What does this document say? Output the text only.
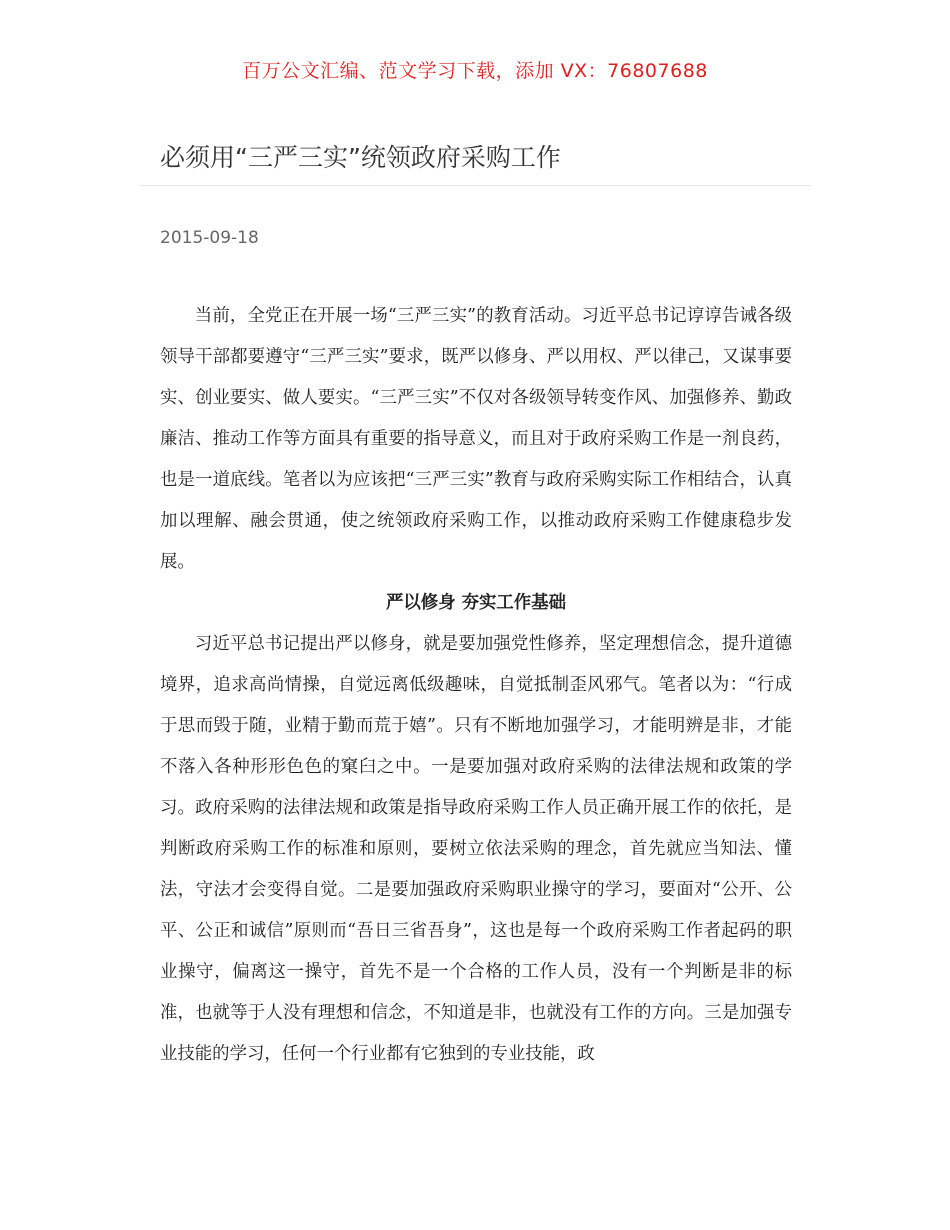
百万公文汇编、范文学习下载，添加 VX：76807688
必须用“三严三实”统领政府采购工作
2015-09-18

当前，全党正在开展一场“三严三实”的教育活动。习近平总书记谆谆告诫各级领导干部都要遵守“三严三实”要求，既严以修身、严以用权、严以律己，又谋事要实、创业要实、做人要实。“三严三实”不仅对各级领导转变作风、加强修养、勤政廉洁、推动工作等方面具有重要的指导意义，而且对于政府采购工作是一剂良药，也是一道底线。笔者以为应该把“三严三实”教育与政府采购实际工作相结合，认真加以理解、融会贯通，使之统领政府采购工作，以推动政府采购工作健康稳步发展。

严以修身 夯实工作基础

习近平总书记提出严以修身，就是要加强党性修养，坚定理想信念，提升道德境界，追求高尚情操，自觉远离低级趣味，自觉抵制歪风邪气。笔者以为：“行成于思而毁于随，业精于勤而荒于嬉”。只有不断地加强学习，才能明辨是非，才能不落入各种形形色色的窠臼之中。一是要加强对政府采购的法律法规和政策的学习。政府采购的法律法规和政策是指导政府采购工作人员正确开展工作的依托，是判断政府采购工作的标准和原则，要树立依法采购的理念，首先就应当知法、懂法，守法才会变得自觉。二是要加强政府采购职业操守的学习，要面对“公开、公平、公正和诚信”原则而“吾日三省吾身”，这也是每一个政府采购工作者起码的职业操守，偏离这一操守，首先不是一个合格的工作人员，没有一个判断是非的标准，也就等于人没有理想和信念，不知道是非，也就没有工作的方向。三是加强专业技能的学习，任何一个行业都有它独到的专业技能，政
